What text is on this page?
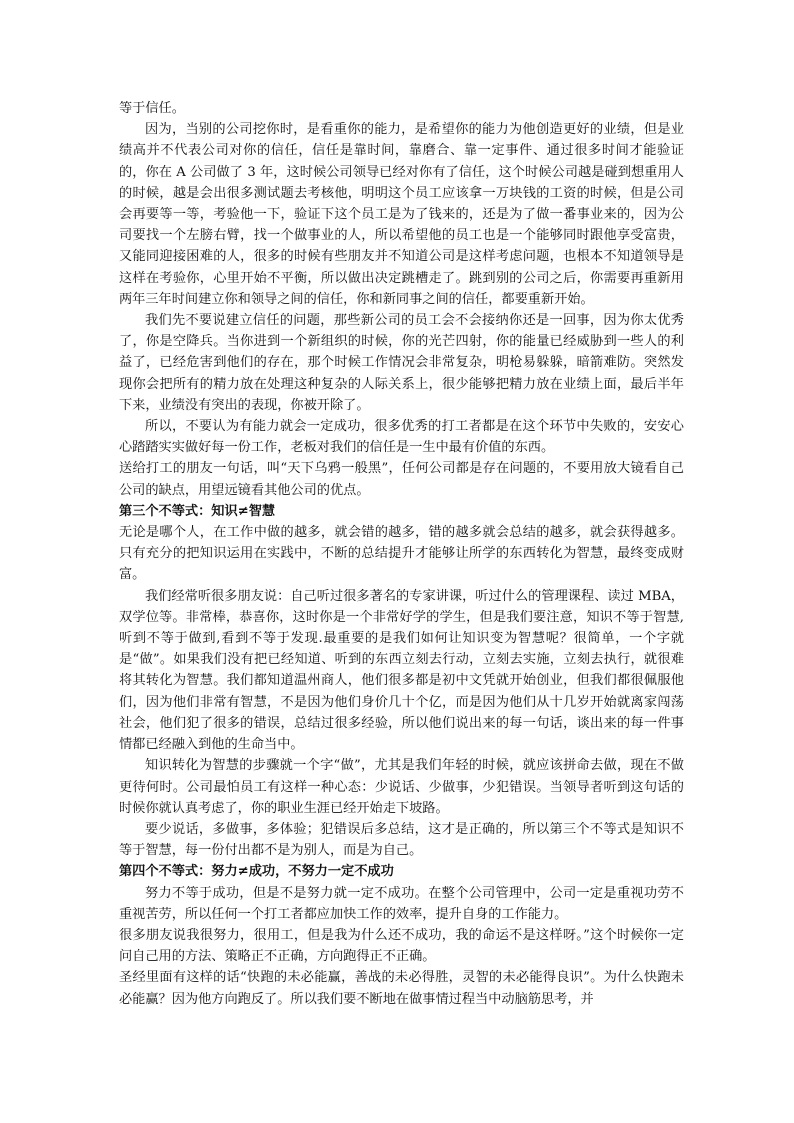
等于信任。

因为，当别的公司挖你时，是看重你的能力，是希望你的能力为他创造更好的业绩，但是业绩高并不代表公司对你的信任，信任是靠时间，靠磨合、靠一定事件、通过很多时间才能验证的，你在 A 公司做了 3 年，这时候公司领导已经对你有了信任，这个时候公司越是碰到想重用人的时候，越是会出很多测试题去考核他，明明这个员工应该拿一万块钱的工资的时候，但是公司会再要等一等，考验他一下，验证下这个员工是为了钱来的，还是为了做一番事业来的，因为公司要找一个左膀右臂，找一个做事业的人，所以希望他的员工也是一个能够同时跟他享受富贵，又能同迎接困难的人，很多的时候有些朋友并不知道公司是这样考虑问题，也根本不知道领导是这样在考验你，心里开始不平衡，所以做出决定跳槽走了。跳到别的公司之后，你需要再重新用两年三年时间建立你和领导之间的信任，你和新同事之间的信任，都要重新开始。

我们先不要说建立信任的问题，那些新公司的员工会不会接纳你还是一回事，因为你太优秀了，你是空降兵。当你进到一个新组织的时候，你的光芒四射，你的能量已经威胁到一些人的利益了，已经危害到他们的存在，那个时候工作情况会非常复杂，明枪易躲躲，暗箭难防。突然发现你会把所有的精力放在处理这种复杂的人际关系上，很少能够把精力放在业绩上面，最后半年下来，业绩没有突出的表现，你被开除了。

所以，不要认为有能力就会一定成功，很多优秀的打工者都是在这个环节中失败的，安安心心踏踏实实做好每一份工作，老板对我们的信任是一生中最有价值的东西。

送给打工的朋友一句话，叫“天下乌鸦一般黑”，任何公司都是存在问题的，不要用放大镜看自己公司的缺点，用望远镜看其他公司的优点。

第三个不等式：知识≠智慧

无论是哪个人，在工作中做的越多，就会错的越多，错的越多就会总结的越多，就会获得越多。只有充分的把知识运用在实践中，不断的总结提升才能够让所学的东西转化为智慧，最终变成财富。

我们经常听很多朋友说：自己听过很多著名的专家讲课，听过什么的管理课程、读过 MBA，双学位等。非常棒，恭喜你，这时你是一个非常好学的学生，但是我们要注意，知识不等于智慧,听到不等于做到,看到不等于发现.最重要的是我们如何让知识变为智慧呢？很简单，一个字就是“做”。如果我们没有把已经知道、听到的东西立刻去行动，立刻去实施，立刻去执行，就很难将其转化为智慧。我们都知道温州商人，他们很多都是初中文凭就开始创业，但我们都很佩服他们，因为他们非常有智慧，不是因为他们身价几十个亿，而是因为他们从十几岁开始就离家闯荡社会，他们犯了很多的错误，总结过很多经验，所以他们说出来的每一句话，谈出来的每一件事情都已经融入到他的生命当中。

知识转化为智慧的步骤就一个字“做”，尤其是我们年轻的时候，就应该拼命去做，现在不做更待何时。公司最怕员工有这样一种心态：少说话、少做事，少犯错误。当领导者听到这句话的时候你就认真考虑了，你的职业生涯已经开始走下坡路。

要少说话，多做事，多体验；犯错误后多总结，这才是正确的，所以第三个不等式是知识不等于智慧，每一份付出都不是为别人，而是为自己。

第四个不等式：努力≠成功，不努力一定不成功

努力不等于成功，但是不是努力就一定不成功。在整个公司管理中，公司一定是重视功劳不重视苦劳，所以任何一个打工者都应加快工作的效率，提升自身的工作能力。

很多朋友说我很努力，很用工，但是我为什么还不成功，我的命运不是这样呀。”这个时候你一定问自己用的方法、策略正不正确，方向跑得正不正确。

圣经里面有这样的话“快跑的未必能赢，善战的未必得胜，灵智的未必能得良识”。为什么快跑未必能赢？因为他方向跑反了。所以我们要不断地在做事情过程当中动脑筋思考，并
